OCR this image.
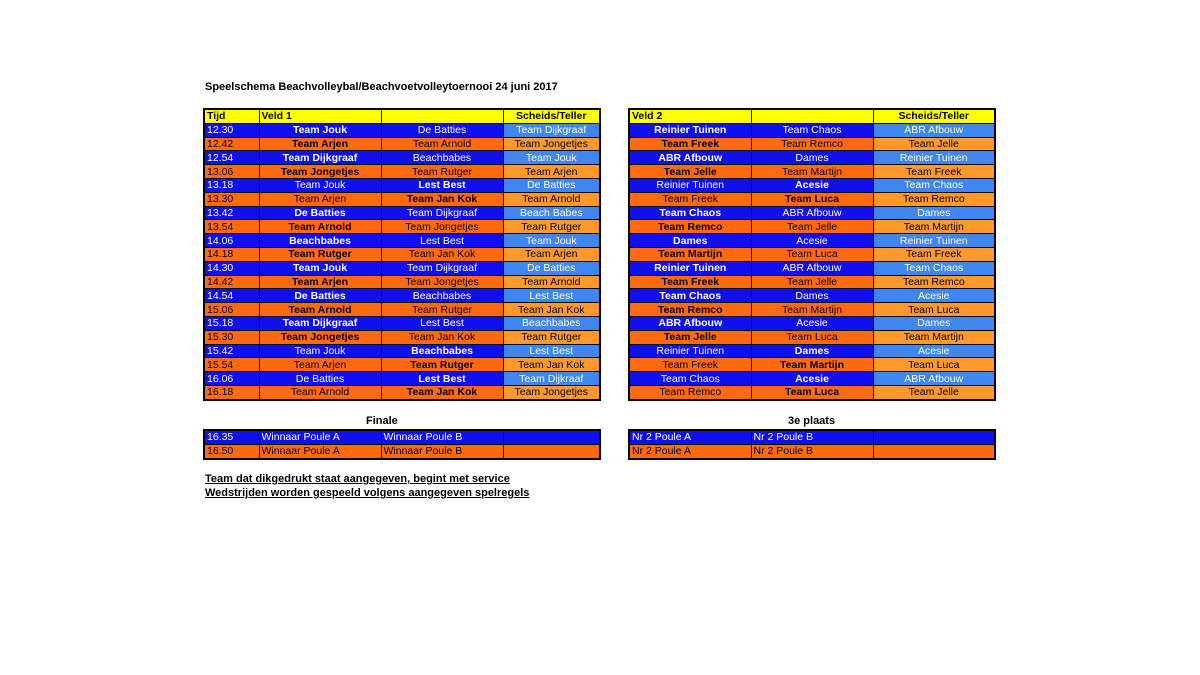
Speelschema Beachvolleybal/Beachvoetvolleytoernooi 24 juni 2017
Tijd	Veld 1		Scheids/Teller
12.30	Team Jouk	De Batties	Team Dijkgraaf
12.42	Team Arjen	Team Arnold	Team Jongetjes
12.54	Team Dijkgraaf	Beachbabes	Team Jouk
13.06	Team Jongetjes	Team Rutger	Team Arjen
13.18	Team Jouk	Lest Best	De Batties
13.30	Team Arjen	Team Jan Kok	Team Arnold
13.42	De Batties	Team Dijkgraaf	Beach Babes
13.54	Team Arnold	Team Jongetjes	Team Rutger
14.06	Beachbabes	Lest Best	Team Jouk
14.18	Team Rutger	Team Jan Kok	Team Arjen
14.30	Team Jouk	Team Dijkgraaf	De Batties
14.42	Team Arjen	Team Jongetjes	Team Arnold
14.54	De Batties	Beachbabes	Lest Best
15.06	Team Arnold	Team Rutger	Team Jan Kok
15.18	Team Dijkgraaf	Lest Best	Beachbabes
15.30	Team Jongetjes	Team Jan Kok	Team Rutger
15.42	Team Jouk	Beachbabes	Lest Best
15.54	Team Arjen	Team Rutger	Team Jan Kok
16.06	De Batties	Lest Best	Team Dijkraaf
16.18	Team Arnold	Team Jan Kok	Team Jongetjes
Veld 2		Scheids/Teller
Reinier Tuinen	Team Chaos	ABR Afbouw
Team Freek	Team Remco	Team Jelle
ABR Afbouw	Dames	Reinier Tuinen
Team Jelle	Team Martijn	Team Freek
Reinier Tuinen	Acesie	Team Chaos
Team Freek	Team Luca	Team Remco
Team Chaos	ABR Afbouw	Dames
Team Remco	Team Jelle	Team Martijn
Dames	Acesie	Reinier Tuinen
Team Martijn	Team Luca	Team Freek
Reinier Tuinen	ABR Afbouw	Team Chaos
Team Freek	Team Jelle	Team Remco
Team Chaos	Dames	Acesie
Team Remco	Team Martijn	Team Luca
ABR Afbouw	Acesie	Dames
Team Jelle	Team Luca	Team Martijn
Reinier Tuinen	Dames	Acesie
Team Freek	Team Martijn	Team Luca
Team Chaos	Acesie	ABR Afbouw
Team Remco	Team Luca	Team Jelle
Finale	3e plaats
16.35	Winnaar Poule A	Winnaar Poule B	
16.50	Winnaar Poule A	Winnaar Poule B	
Nr 2 Poule A	Nr 2 Poule B	
Nr 2 Poule A	Nr 2 Poule B	
Team dat dikgedrukt staat aangegeven, begint met service
Wedstrijden worden gespeeld volgens aangegeven spelregels
